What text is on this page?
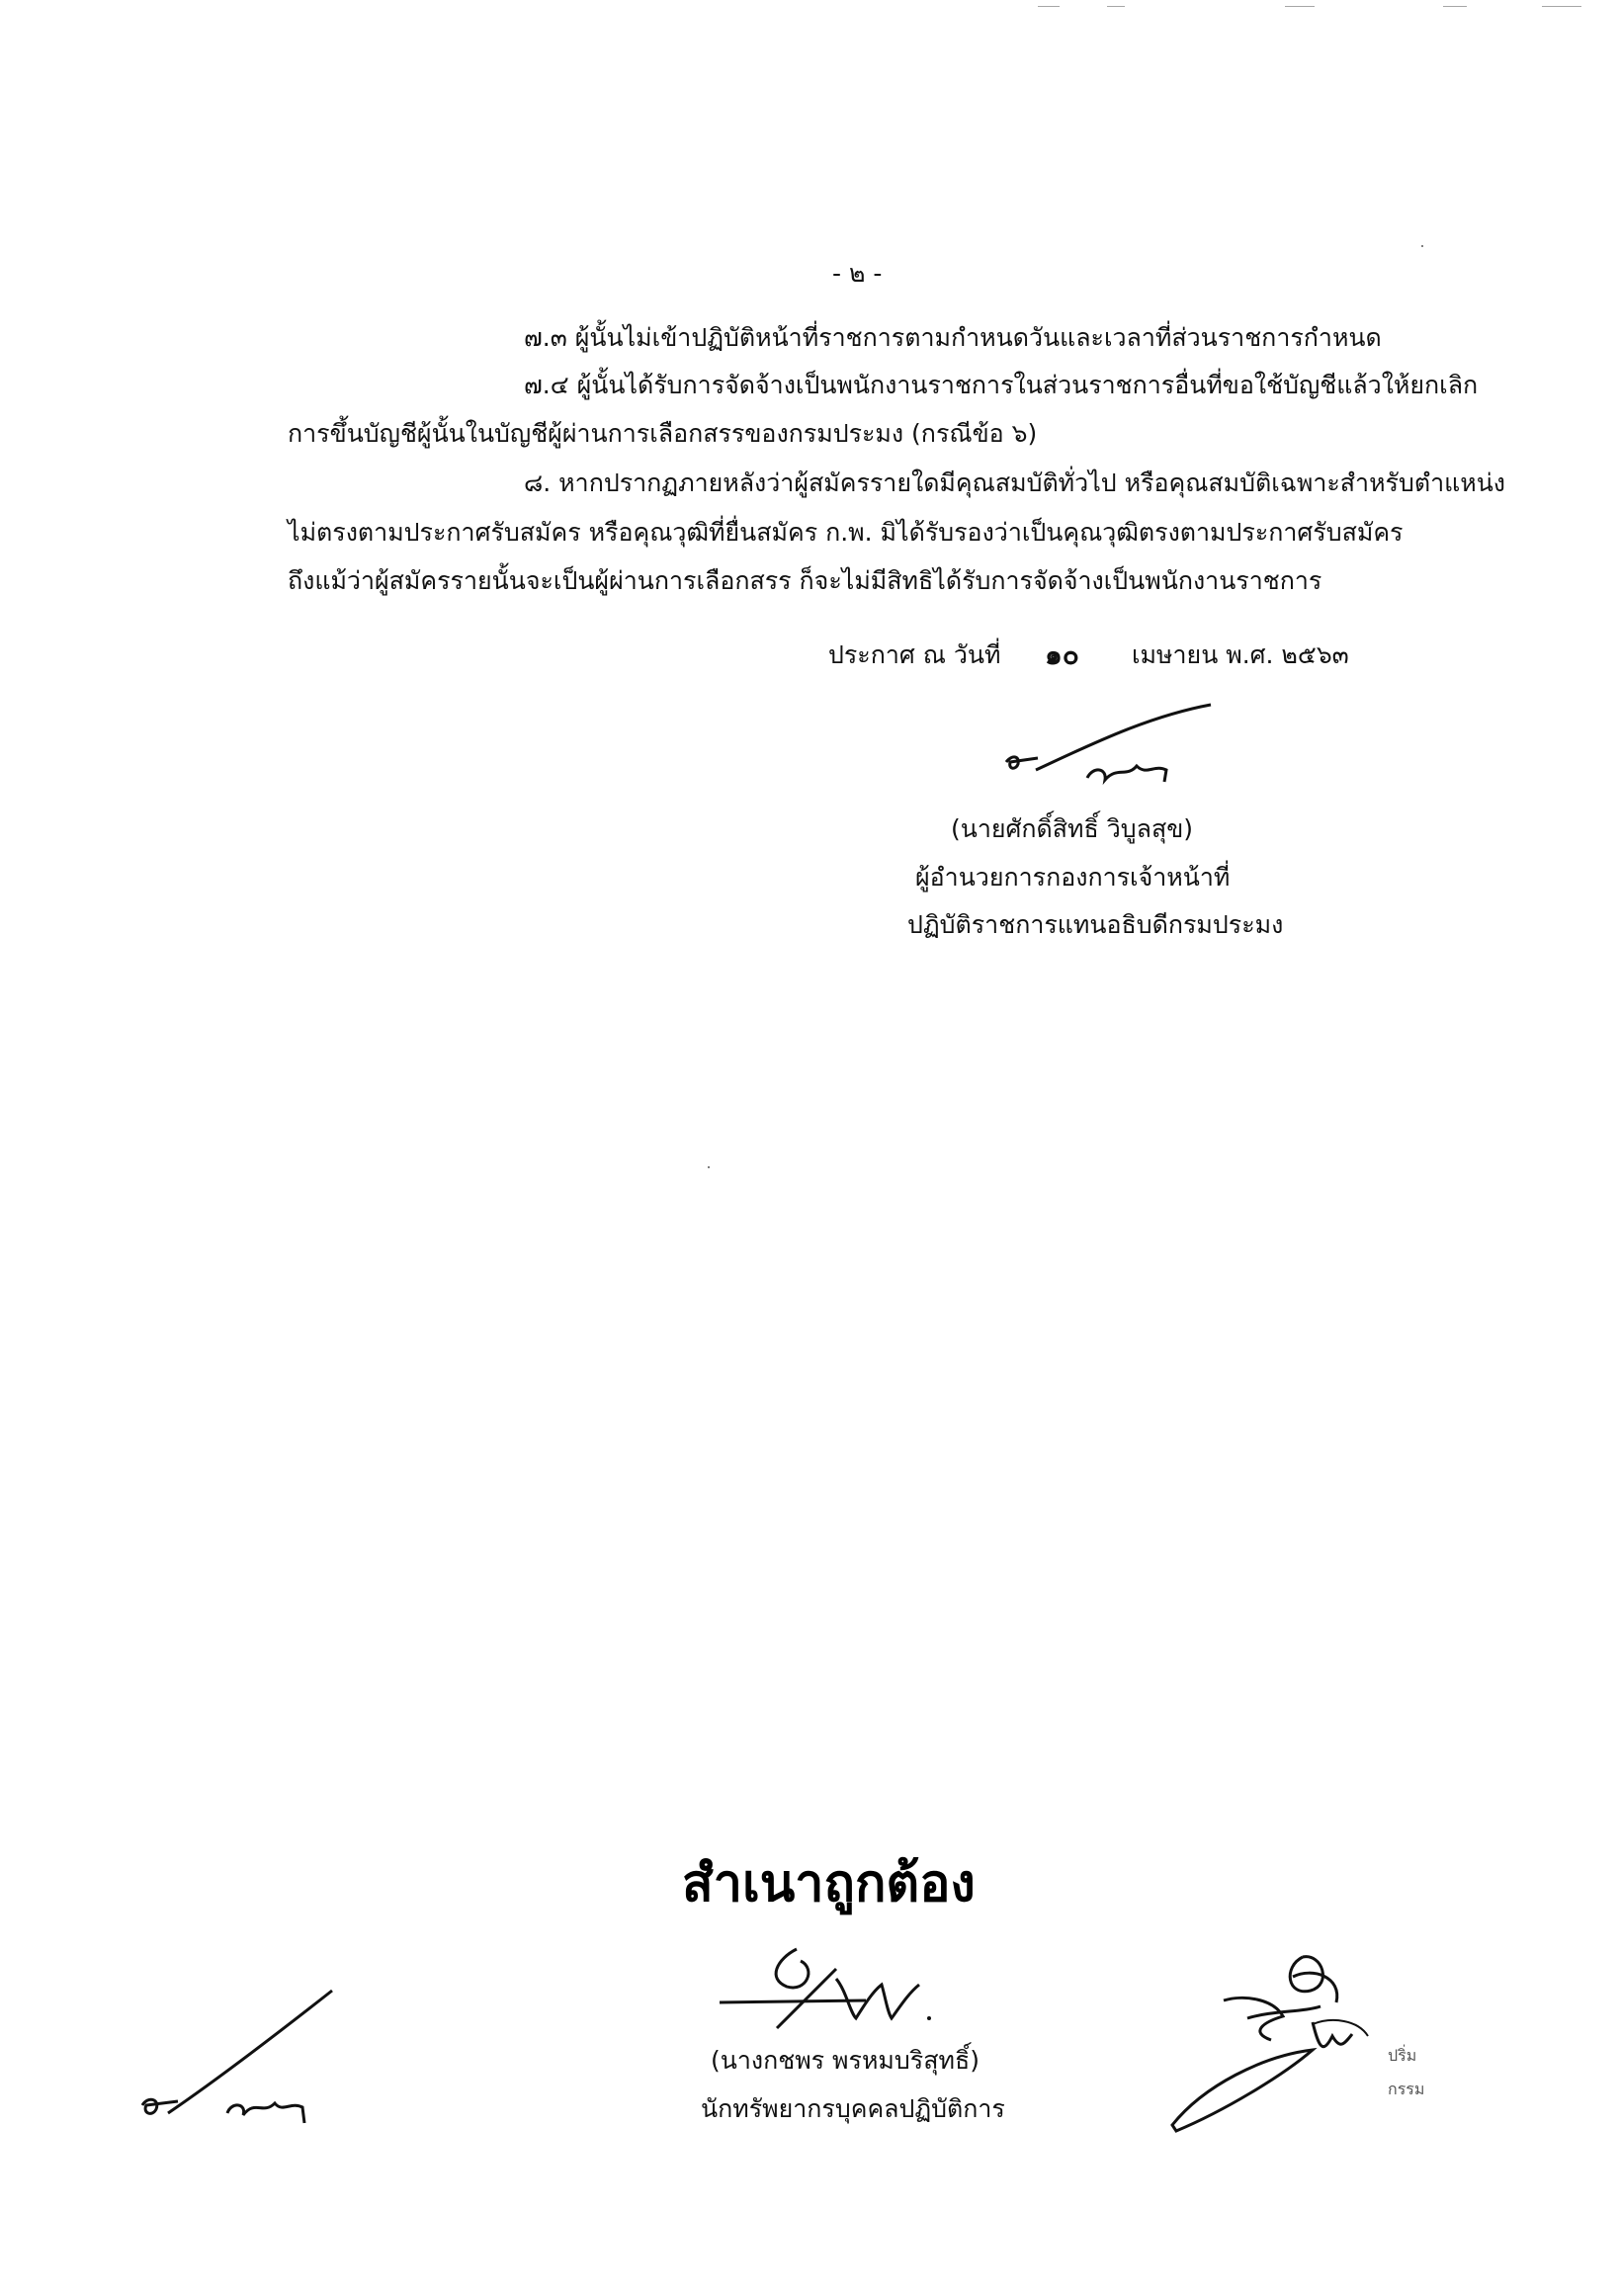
- ๒ -
๗.๓ ผู้นั้นไม่เข้าปฏิบัติหน้าที่ราชการตามกำหนดวันและเวลาที่ส่วนราชการกำหนด
๗.๔ ผู้นั้นได้รับการจัดจ้างเป็นพนักงานราชการในส่วนราชการอื่นที่ขอใช้บัญชีแล้วให้ยกเลิก
การขึ้นบัญชีผู้นั้นในบัญชีผู้ผ่านการเลือกสรรของกรมประมง (กรณีข้อ ๖)
๘. หากปรากฏภายหลังว่าผู้สมัครรายใดมีคุณสมบัติทั่วไป หรือคุณสมบัติเฉพาะสำหรับตำแหน่ง
ไม่ตรงตามประกาศรับสมัคร หรือคุณวุฒิที่ยื่นสมัคร ก.พ. มิได้รับรองว่าเป็นคุณวุฒิตรงตามประกาศรับสมัคร
ถึงแม้ว่าผู้สมัครรายนั้นจะเป็นผู้ผ่านการเลือกสรร ก็จะไม่มีสิทธิได้รับการจัดจ้างเป็นพนักงานราชการ
ประกาศ ณ วันที่ ๑๐ เมษายน พ.ศ. ๒๕๖๓
(นายศักดิ์สิทธิ์ วิบูลสุข)
ผู้อำนวยการกองการเจ้าหน้าที่
ปฏิบัติราชการแทนอธิบดีกรมประมง
สำเนาถูกต้อง
(นางกชพร พรหมบริสุทธิ์)
นักทรัพยากรบุคคลปฏิบัติการ
ปริ่ม
กรรม
